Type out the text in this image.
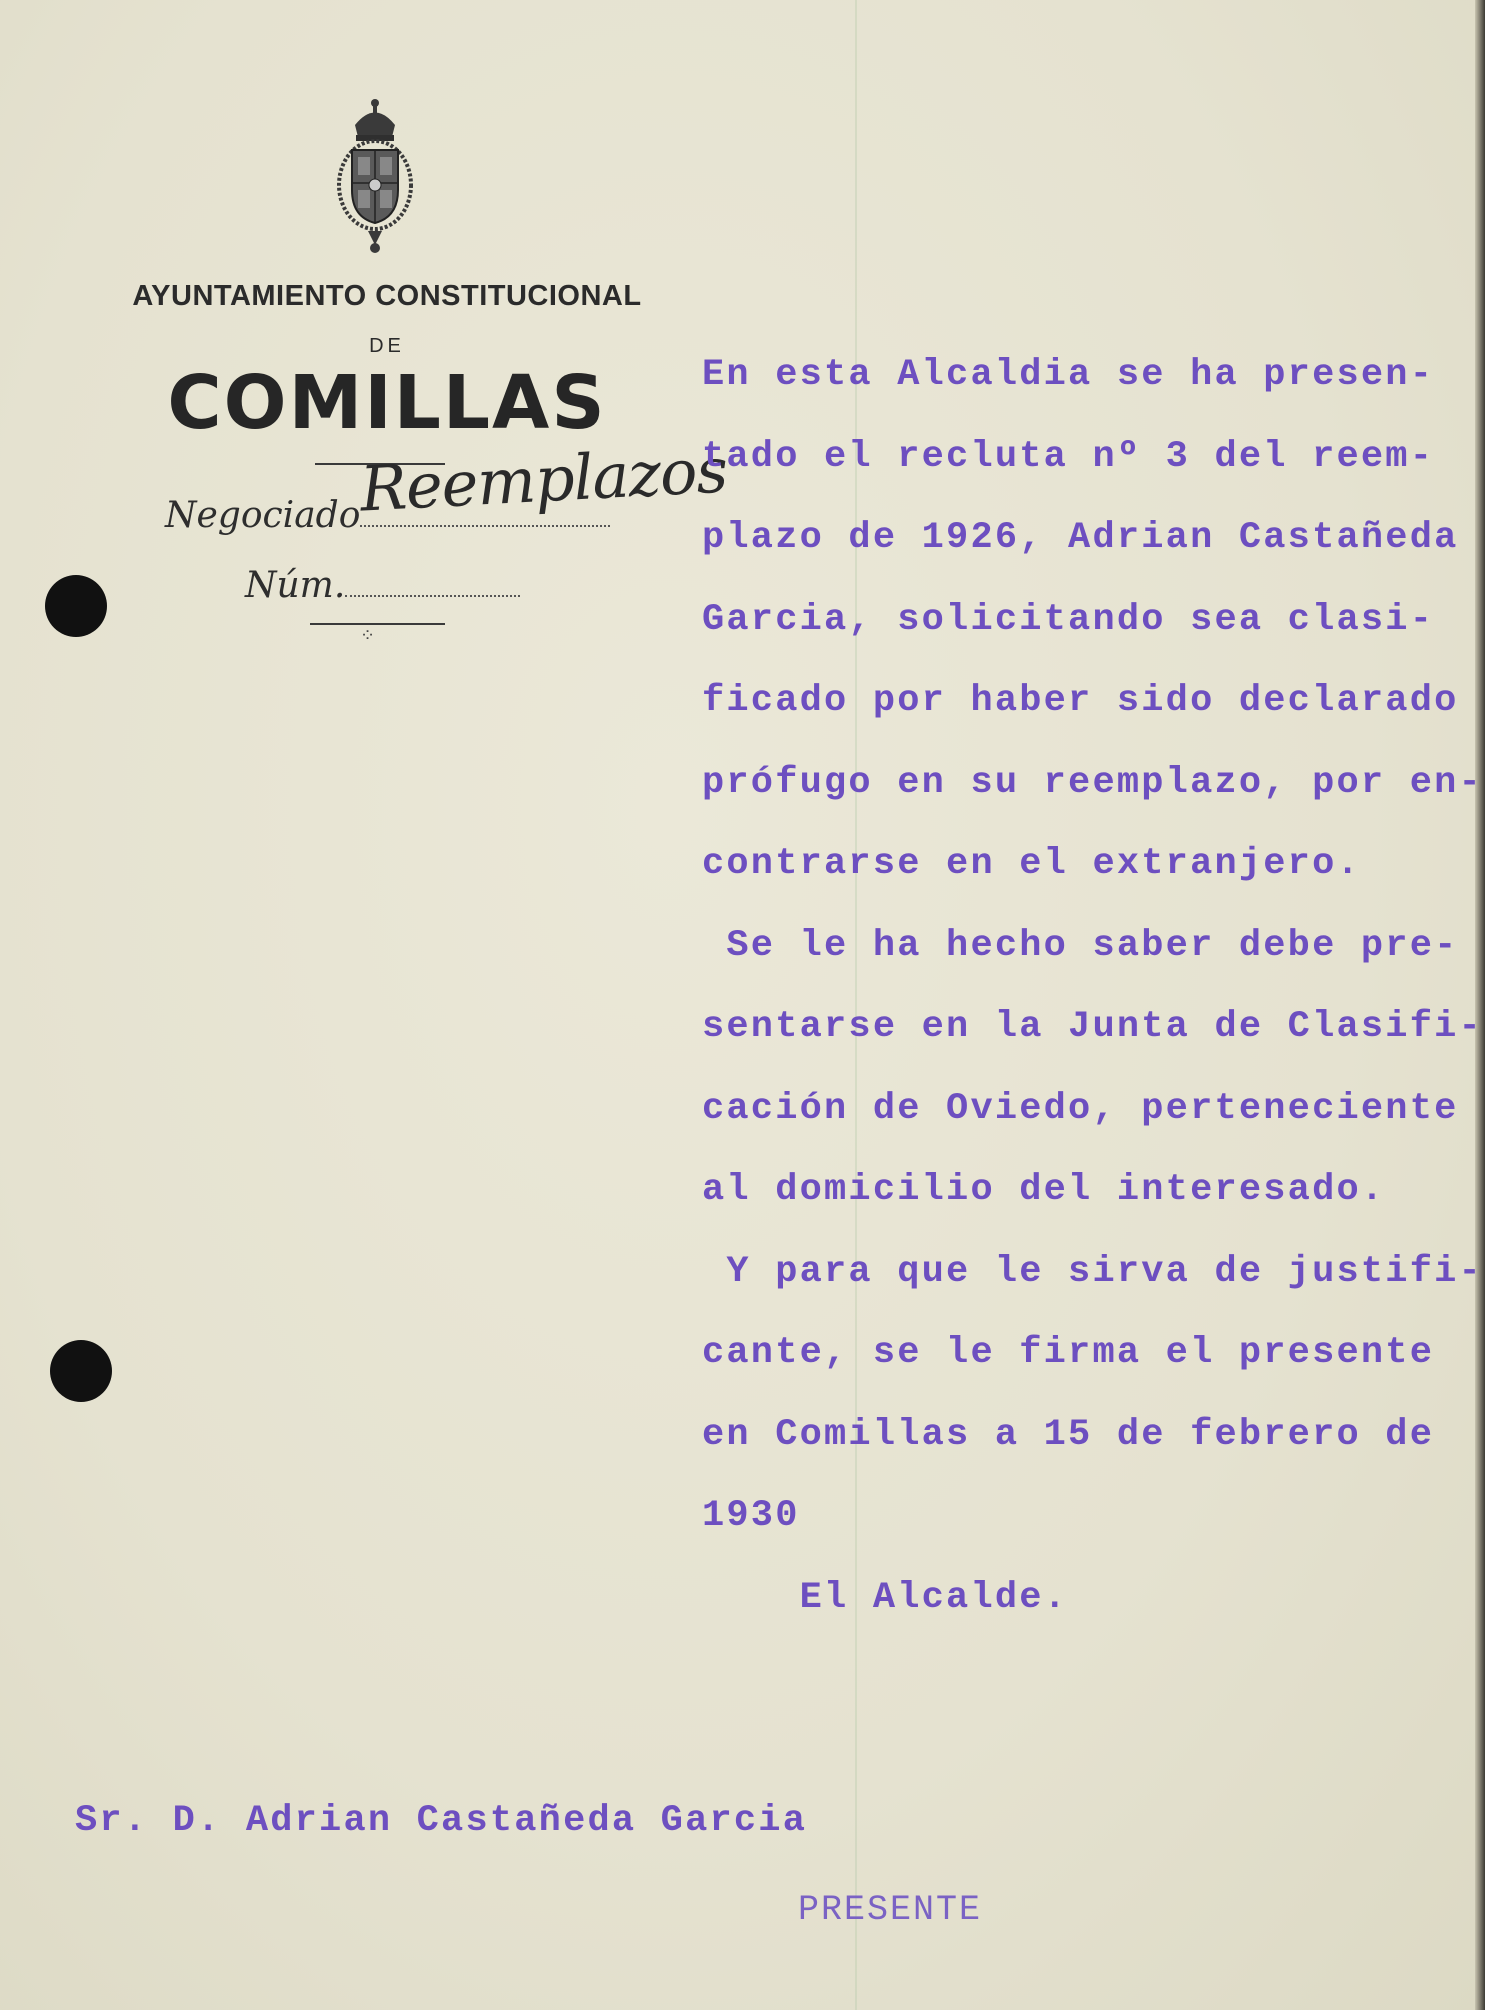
AYUNTAMIENTO CONSTITUCIONAL
DE
COMILLAS
Negociado
Reemplazos
Núm.
⁘
En esta Alcaldia se ha presen-
tado el recluta nº 3 del reem-
plazo de 1926, Adrian Castañeda
Garcia, solicitando sea clasi-
ficado por haber sido declarado
prófugo en su reemplazo, por en-
contrarse en el extranjero.
Se le ha hecho saber debe pre-
sentarse en la Junta de Clasifi-
cación de Oviedo, perteneciente
al domicilio del interesado.
Y para que le sirva de justifi-
cante, se le firma el presente
en Comillas a 15 de febrero de
1930
El Alcalde.
Sr. D. Adrian Castañeda Garcia
PRESENTE
